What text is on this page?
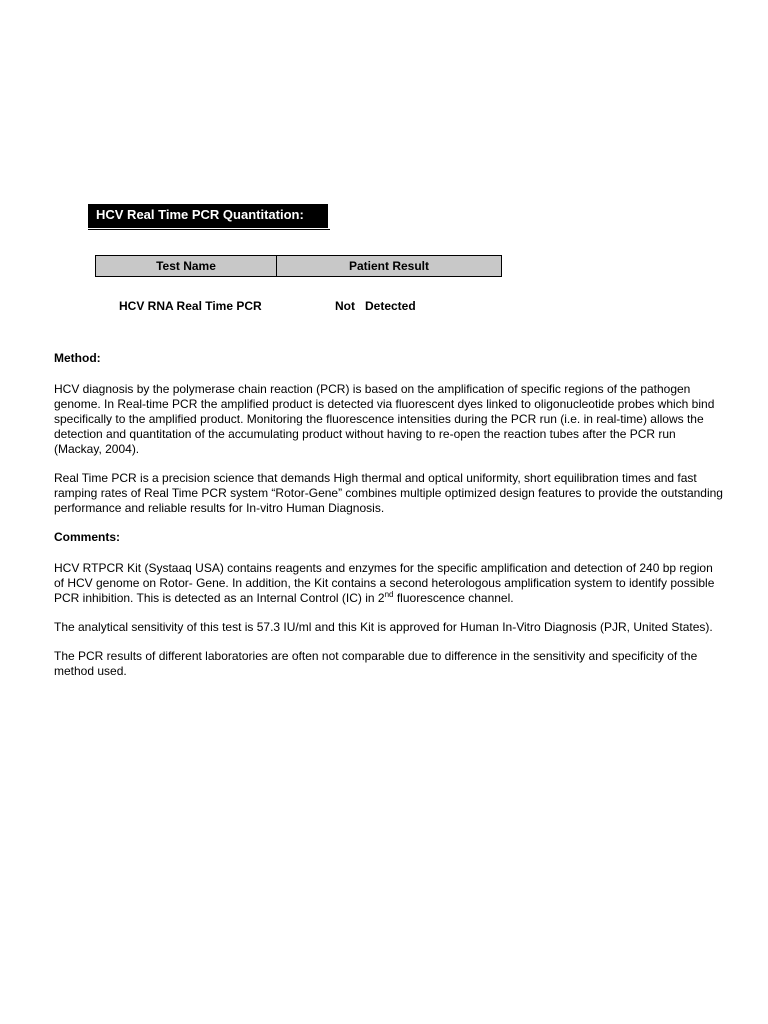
HCV Real Time PCR Quantitation:
Test Name	Patient Result
HCV RNA Real Time PCR	Not   Detected
Method:

HCV diagnosis by the polymerase chain reaction (PCR) is based on the amplification of specific regions of the pathogen genome. In Real-time PCR the amplified product is detected via fluorescent dyes linked to oligonucleotide probes which bind specifically to the amplified product. Monitoring the fluorescence intensities during the PCR run (i.e. in real-time) allows the detection and quantitation of the accumulating product without having to re-open the reaction tubes after the PCR run (Mackay, 2004).

Real Time PCR is a precision science that demands High thermal and optical uniformity, short equilibration times and fast ramping rates of Real Time PCR system “Rotor-Gene” combines multiple optimized design features to provide the outstanding performance and reliable results for In-vitro Human Diagnosis.

Comments:

HCV RTPCR Kit (Systaaq USA) contains reagents and enzymes for the specific amplification and detection of 240 bp region of HCV genome on Rotor- Gene. In addition, the Kit contains a second heterologous amplification system to identify possible PCR inhibition. This is detected as an Internal Control (IC) in 2nd fluorescence channel.

The analytical sensitivity of this test is 57.3 IU/ml and this Kit is approved for Human In-Vitro Diagnosis (PJR, United States).

The PCR results of different laboratories are often not comparable due to difference in the sensitivity and specificity of the method used.
